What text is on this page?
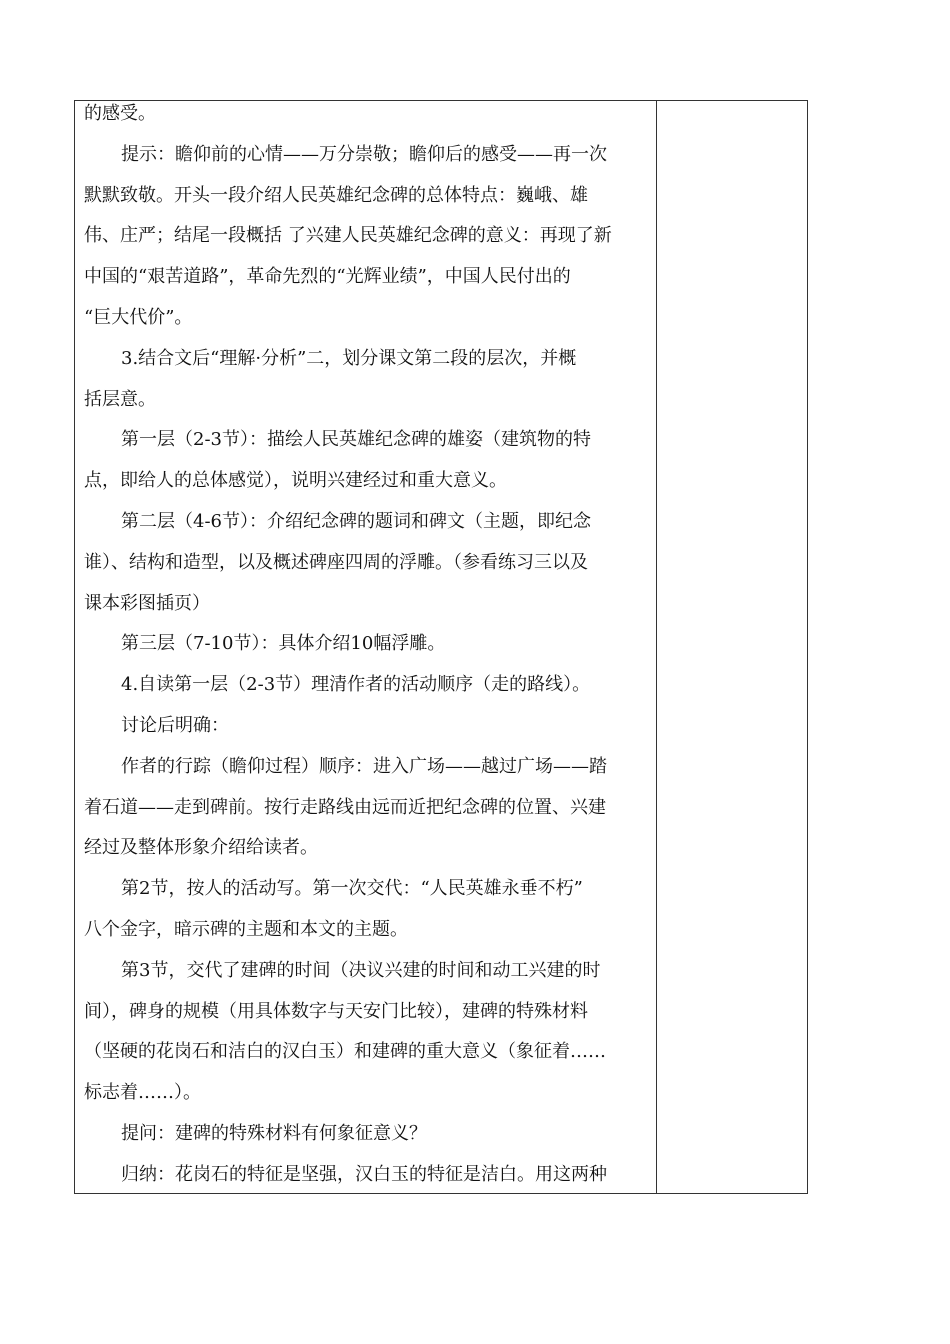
的感受。
提示：瞻仰前的心情——万分崇敬；瞻仰后的感受——再一次
默默致敬。开头一段介绍人民英雄纪念碑的总体特点：巍峨、雄
伟、庄严；结尾一段概括 了兴建人民英雄纪念碑的意义：再现了新
中国的“艰苦道路”，革命先烈的“光辉业绩”，中国人民付出的
“巨大代价”。
3.结合文后“理解·分析”二，划分课文第二段的层次，并概
括层意。
第一层（2-3节）：描绘人民英雄纪念碑的雄姿（建筑物的特
点，即给人的总体感觉），说明兴建经过和重大意义。
第二层（4-6节）：介绍纪念碑的题词和碑文（主题，即纪念
谁）、结构和造型，以及概述碑座四周的浮雕。（参看练习三以及
课本彩图插页）
第三层（7-10节）：具体介绍10幅浮雕。
4.自读第一层（2-3节）理清作者的活动顺序（走的路线）。
讨论后明确：
作者的行踪（瞻仰过程）顺序：进入广场——越过广场——踏
着石道——走到碑前。按行走路线由远而近把纪念碑的位置、兴建
经过及整体形象介绍给读者。
第2节，按人的活动写。第一次交代：“人民英雄永垂不朽”
八个金字，暗示碑的主题和本文的主题。
第3节，交代了建碑的时间（决议兴建的时间和动工兴建的时
间），碑身的规模（用具体数字与天安门比较），建碑的特殊材料
（坚硬的花岗石和洁白的汉白玉）和建碑的重大意义（象征着……
标志着……）。
提问：建碑的特殊材料有何象征意义？
归纳：花岗石的特征是坚强，汉白玉的特征是洁白。用这两种
